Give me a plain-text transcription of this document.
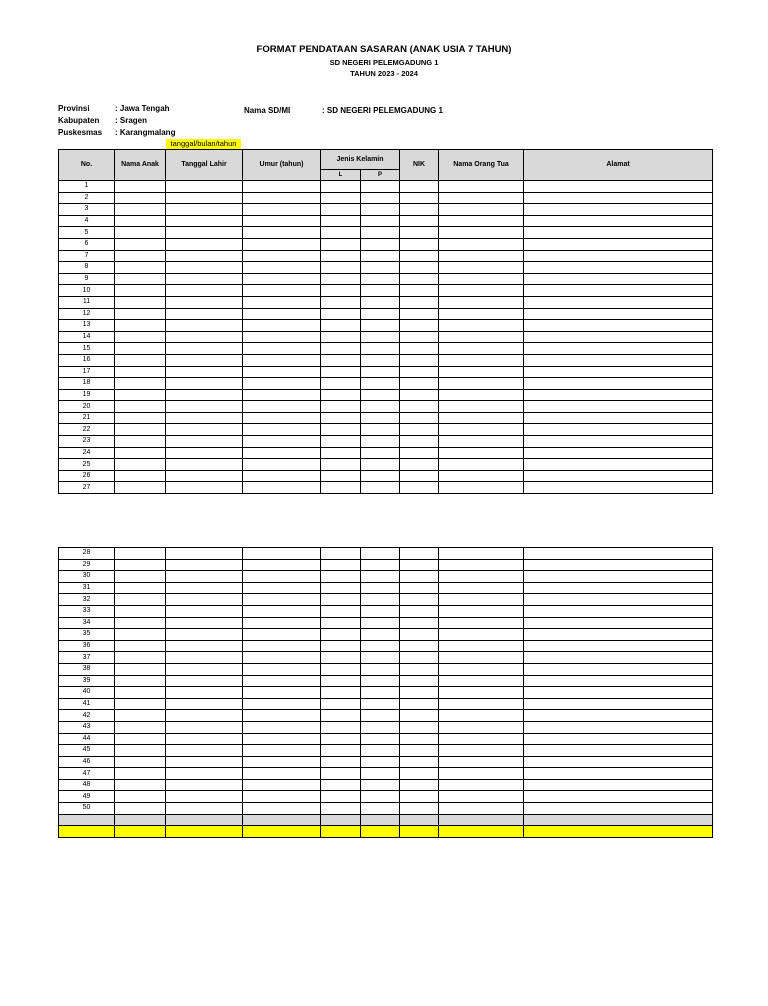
FORMAT PENDATAAN SASARAN (ANAK USIA 7 TAHUN)
SD NEGERI PELEMGADUNG 1
TAHUN 2023 - 2024
Provinsi	: Jawa Tengah
Kabupaten : Sragen
Puskesmas : Karangmalang
Nama SD/MI	: SD NEGERI PELEMGADUNG 1
tanggal/bulan/tahun
No.	Nama Anak	Tanggal Lahir	Umur (tahun)	Jenis Kelamin		NIK	Nama Orang Tua	Alamat
				L	P			
1								
2								
3								
4								
5								
6								
7								
8								
9								
10								
11								
12								
13								
14								
15								
16								
17								
18								
19								
20								
21								
22								
23								
24								
25								
26								
27								
28								
29								
30								
31								
32								
33								
34								
35								
36								
37								
38								
39								
40								
41								
42								
43								
44								
45								
46								
47								
48								
49								
50								
